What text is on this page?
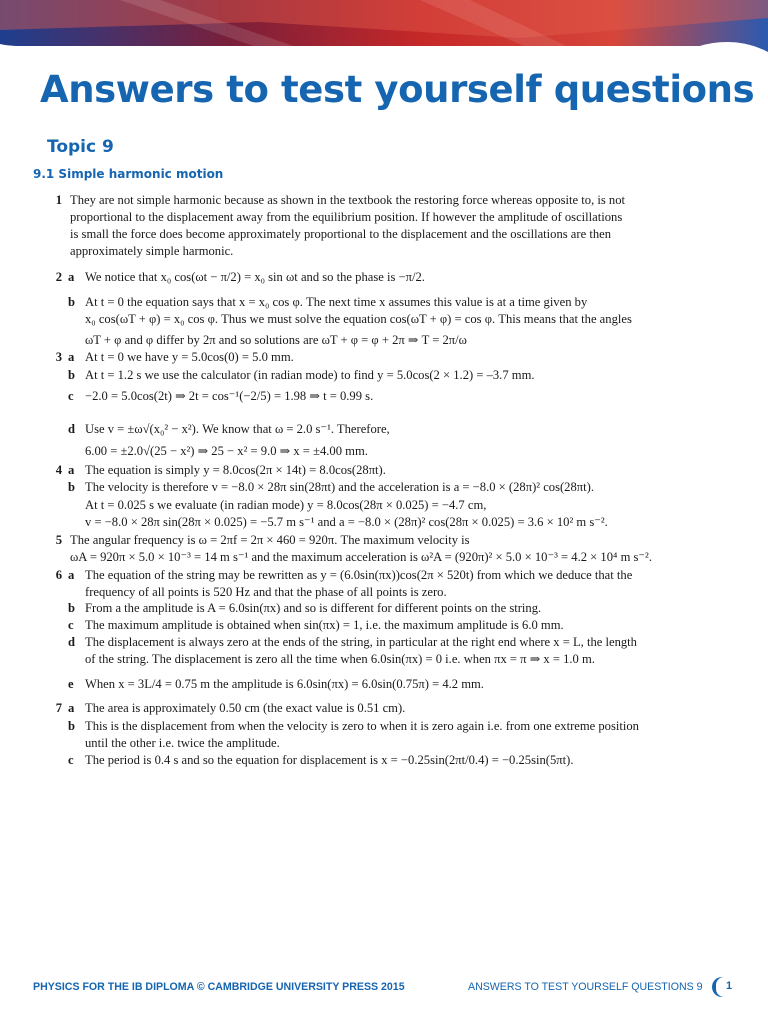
Answers to test yourself questions
Topic 9
9.1 Simple harmonic motion
1 They are not simple harmonic because as shown in the textbook the restoring force whereas opposite to, is not
proportional to the displacement away from the equilibrium position. If however the amplitude of oscillations
is small the force does become approximately proportional to the displacement and the oscillations are then
approximately simple harmonic.
2 a We notice that x₀ cos(ωt − π/2) = x₀ sin ωt and so the phase is −π/2.
b At t = 0 the equation says that x = x₀ cos φ. The next time x assumes this value is at a time given by
x₀ cos(ωT + φ) = x₀ cos φ. Thus we must solve the equation cos(ωT + φ) = cos φ. This means that the angles
ωT + φ and φ differ by 2π and so solutions are ωT + φ = φ + 2π ⇒ T = 2π/ω
3 a At t = 0 we have y = 5.0cos(0) = 5.0 mm.
b At t = 1.2 s we use the calculator (in radian mode) to find y = 5.0cos(2 × 1.2) = –3.7 mm.
c −2.0 = 5.0cos(2t) ⇒ 2t = cos⁻¹(−2/5) = 1.98 ⇒ t = 0.99 s.
d Use v = ±ω√(x₀² − x²). We know that ω = 2.0 s⁻¹. Therefore,
6.00 = ±2.0√(25 − x²) ⇒ 25 − x² = 9.0 ⇒ x = ±4.00 mm.
4 a The equation is simply y = 8.0cos(2π × 14t) = 8.0cos(28πt).
b The velocity is therefore v = −8.0 × 28π sin(28πt) and the acceleration is a = −8.0 × (28π)² cos(28πt).
At t = 0.025 s we evaluate (in radian mode) y = 8.0cos(28π × 0.025) = −4.7 cm,
v = −8.0 × 28π sin(28π × 0.025) = −5.7 m s⁻¹ and a = −8.0 × (28π)² cos(28π × 0.025) = 3.6 × 10² m s⁻².
5 The angular frequency is ω = 2πf = 2π × 460 = 920π. The maximum velocity is
ωA = 920π × 5.0 × 10⁻³ = 14 m s⁻¹ and the maximum acceleration is ω²A = (920π)² × 5.0 × 10⁻³ = 4.2 × 10⁴ m s⁻².
6 a The equation of the string may be rewritten as y = (6.0sin(πx))cos(2π × 520t) from which we deduce that the
frequency of all points is 520 Hz and that the phase of all points is zero.
b From a the amplitude is A = 6.0sin(πx) and so is different for different points on the string.
c The maximum amplitude is obtained when sin(πx) = 1, i.e. the maximum amplitude is 6.0 mm.
d The displacement is always zero at the ends of the string, in particular at the right end where x = L, the length
of the string. The displacement is zero all the time when 6.0sin(πx) = 0 i.e. when πx = π ⇒ x = 1.0 m.
e When x = 3L/4 = 0.75 m the amplitude is 6.0sin(πx) = 6.0sin(0.75π) = 4.2 mm.
7 a The area is approximately 0.50 cm (the exact value is 0.51 cm).
b This is the displacement from when the velocity is zero to when it is zero again i.e. from one extreme position
until the other i.e. twice the amplitude.
c The period is 0.4 s and so the equation for displacement is x = −0.25sin(2πt/0.4) = −0.25sin(5πt).
PHYSICS FOR THE IB DIPLOMA © CAMBRIDGE UNIVERSITY PRESS 2015	ANSWERS TO TEST YOURSELF QUESTIONS 9 1
